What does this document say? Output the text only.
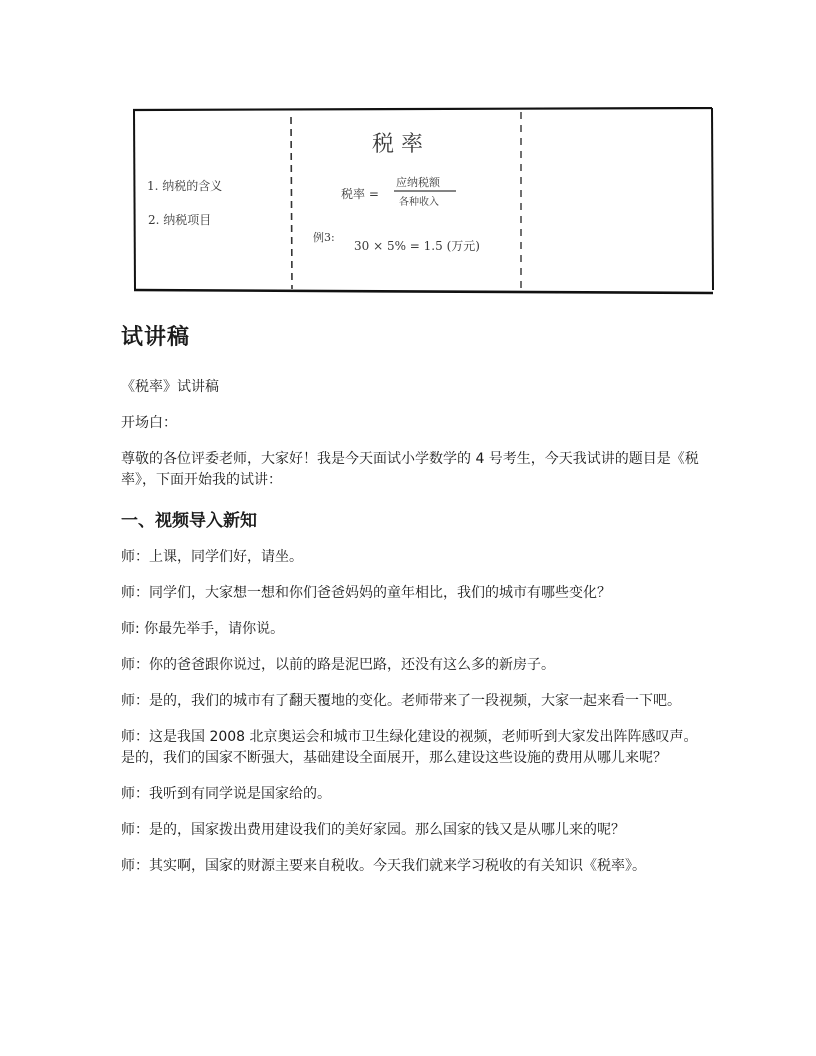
税 率
1. 纳税的含义
2. 纳税项目
税率 =
应纳税额
各种收入
例3:
30 × 5% = 1.5 (万元)
试讲稿

《税率》试讲稿

开场白：

尊敬的各位评委老师，大家好！我是今天面试小学数学的 4 号考生，今天我试讲的题目是《税率》，下面开始我的试讲：

一、视频导入新知

师：上课，同学们好，请坐。

师：同学们，大家想一想和你们爸爸妈妈的童年相比，我们的城市有哪些变化？

师: 你最先举手，请你说。

师：你的爸爸跟你说过，以前的路是泥巴路，还没有这么多的新房子。

师：是的，我们的城市有了翻天覆地的变化。老师带来了一段视频，大家一起来看一下吧。

师：这是我国 2008 北京奥运会和城市卫生绿化建设的视频，老师听到大家发出阵阵感叹声。是的，我们的国家不断强大，基础建设全面展开，那么建设这些设施的费用从哪儿来呢？

师：我听到有同学说是国家给的。

师：是的，国家拨出费用建设我们的美好家园。那么国家的钱又是从哪儿来的呢？

师：其实啊，国家的财源主要来自税收。今天我们就来学习税收的有关知识《税率》。
